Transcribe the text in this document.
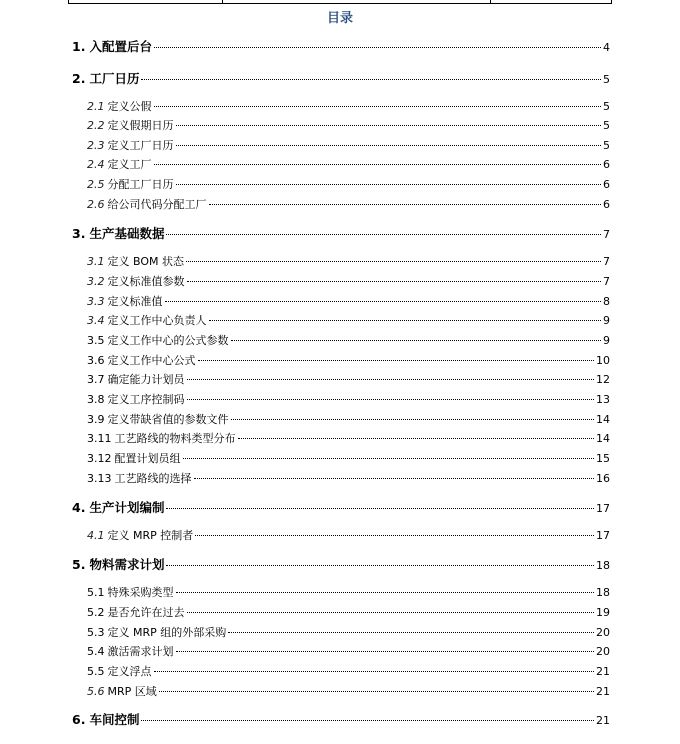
目录
1. 入配置后台	4
2. 工厂日历	5
2.1 定义公假	5
2.2 定义假期日历	5
2.3 定义工厂日历	5
2.4 定义工厂	6
2.5 分配工厂日历	6
2.6 给公司代码分配工厂	6
3. 生产基础数据	7
3.1 定义 BOM 状态	7
3.2 定义标准值参数	7
3.3 定义标准值	8
3.4 定义工作中心负责人	9
3.5 定义工作中心的公式参数	9
3.6 定义工作中心公式	10
3.7 确定能力计划员	12
3.8 定义工序控制码	13
3.9 定义带缺省值的参数文件	14
3.11 工艺路线的物料类型分布	14
3.12 配置计划员组	15
3.13 工艺路线的选择	16
4. 生产计划编制	17
4.1 定义 MRP 控制者	17
5. 物料需求计划	18
5.1 特殊采购类型	18
5.2 是否允许在过去	19
5.3 定义 MRP 组的外部采购	20
5.4 激活需求计划	20
5.5 定义浮点	21
5.6 MRP 区域	21
6. 车间控制	21
